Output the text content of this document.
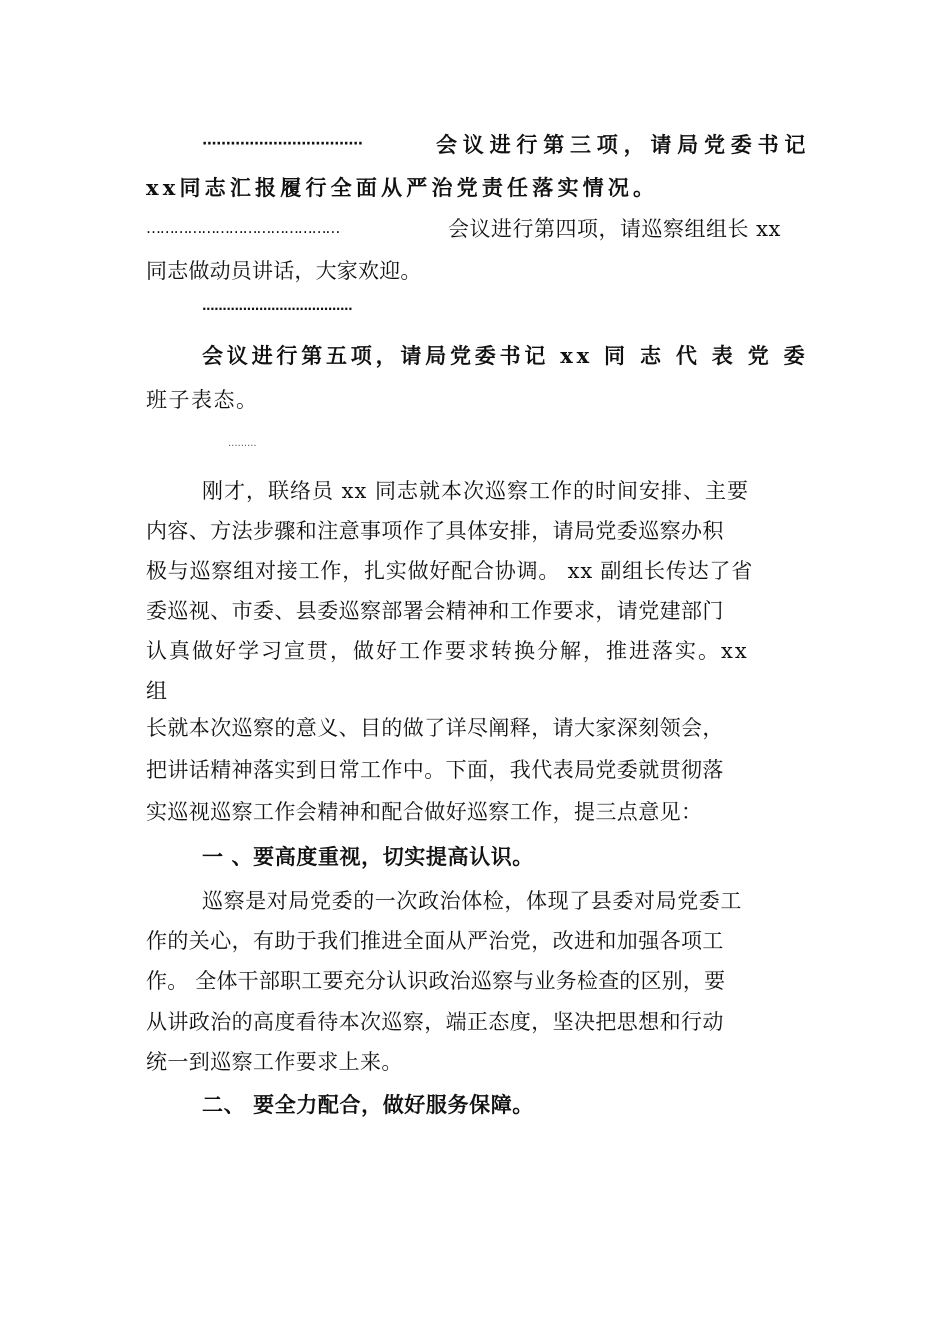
··································	会议进行第三项，请局党委书记
xx同志汇报履行全面从严治党责任落实情况。
……………………………………	会议进行第四项，请巡察组组长 xx
同志做动员讲话，大家欢迎。
·····································
会议进行第五项，请局党委书记 xx 同 志 代 表 党 委
班子表态。
.........
刚才，联络员 xx 同志就本次巡察工作的时间安排、主要
内容、方法步骤和注意事项作了具体安排，请局党委巡察办积
极与巡察组对接工作，扎实做好配合协调。 xx 副组长传达了省
委巡视、市委、县委巡察部署会精神和工作要求，请党建部门
认真做好学习宣贯，做好工作要求转换分解，推进落实。xx
组
长就本次巡察的意义、目的做了详尽阐释，请大家深刻领会，
把讲话精神落实到日常工作中。下面，我代表局党委就贯彻落
实巡视巡察工作会精神和配合做好巡察工作，提三点意见：
一 、要高度重视，切实提高认识。
巡察是对局党委的一次政治体检，体现了县委对局党委工
作的关心，有助于我们推进全面从严治党，改进和加强各项工
作。 全体干部职工要充分认识政治巡察与业务检查的区别，要
从讲政治的高度看待本次巡察，端正态度，坚决把思想和行动
统一到巡察工作要求上来。
二、 要全力配合，做好服务保障。
